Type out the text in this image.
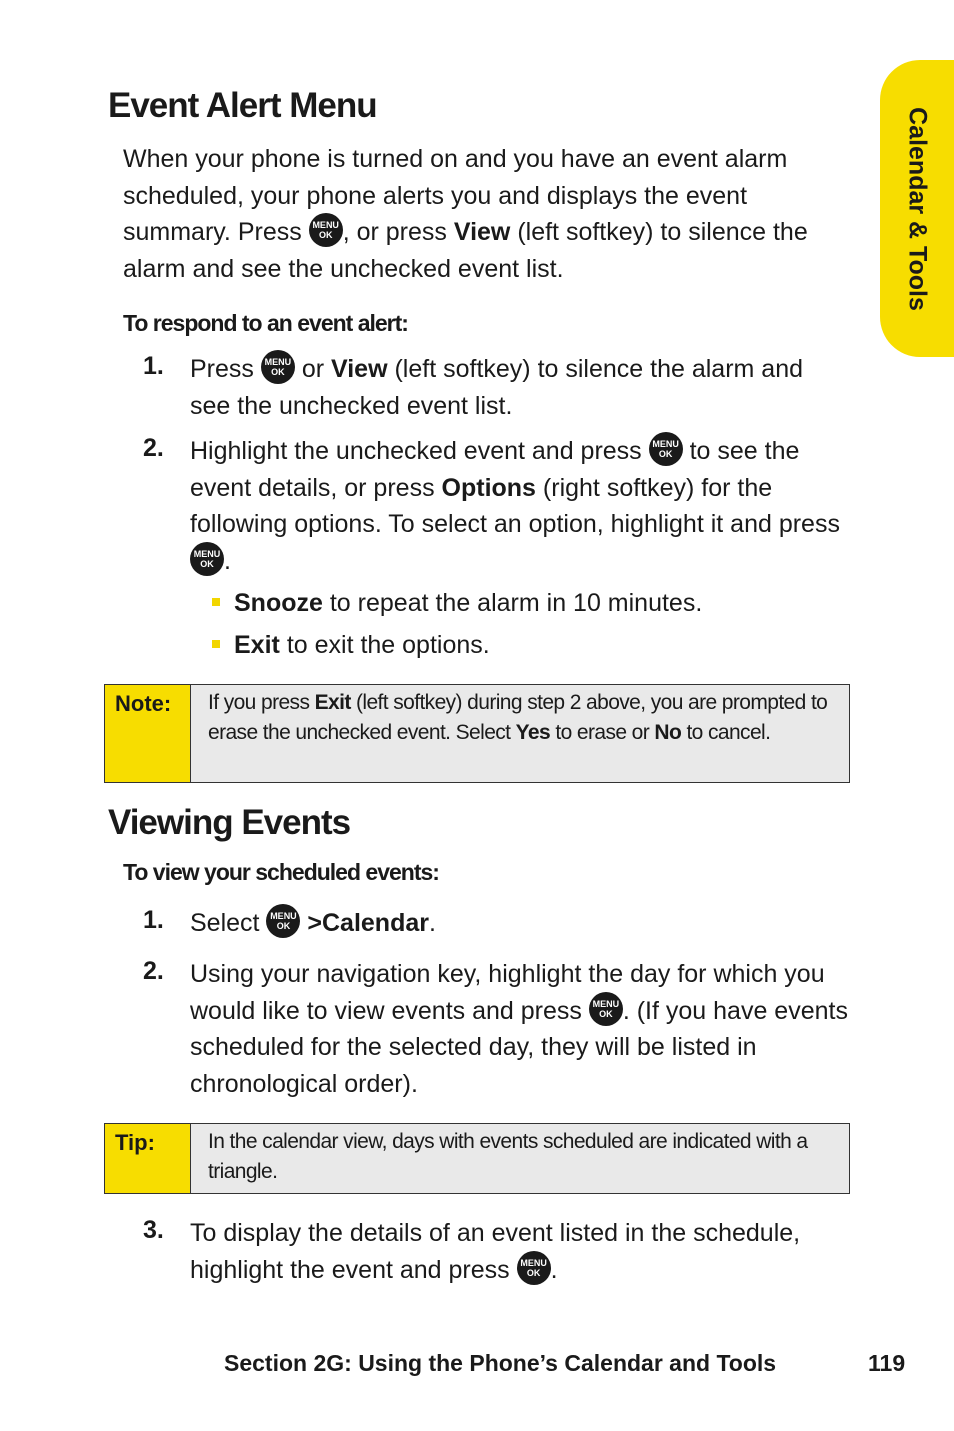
Calendar & Tools
Event Alert Menu
When your phone is turned on and you have an event alarm scheduled, your phone alerts you and displays the event summary. Press	MENU
OK , or press View (left softkey) to silence the alarm and see the unchecked event list.
To respond to an event alert:
1. Press	MENU
OK or View (left softkey) to silence the alarm and see the unchecked event list.
2. Highlight the unchecked event and press	MENU
OK to see the event details, or press Options (right softkey) for the following options. To select an option, highlight it and press
MENU
OK .
Snooze to repeat the alarm in 10 minutes.
Exit to exit the options.
Note:	If you press Exit (left softkey) during step 2 above, you are prompted to erase the unchecked event. Select Yes to erase or No to cancel.
Viewing Events
To view your scheduled events:
1. Select	MENU
OK >Calendar.
2. Using your navigation key, highlight the day for which you would like to view events and press	MENU
OK . (If you have events scheduled for the selected day, they will be listed in chronological order).
Tip:	In the calendar view, days with events scheduled are indicated with a triangle.
3. To display the details of an event listed in the schedule, highlight the event and press	MENU
OK .
Section 2G: Using the Phone’s Calendar and Tools	119
